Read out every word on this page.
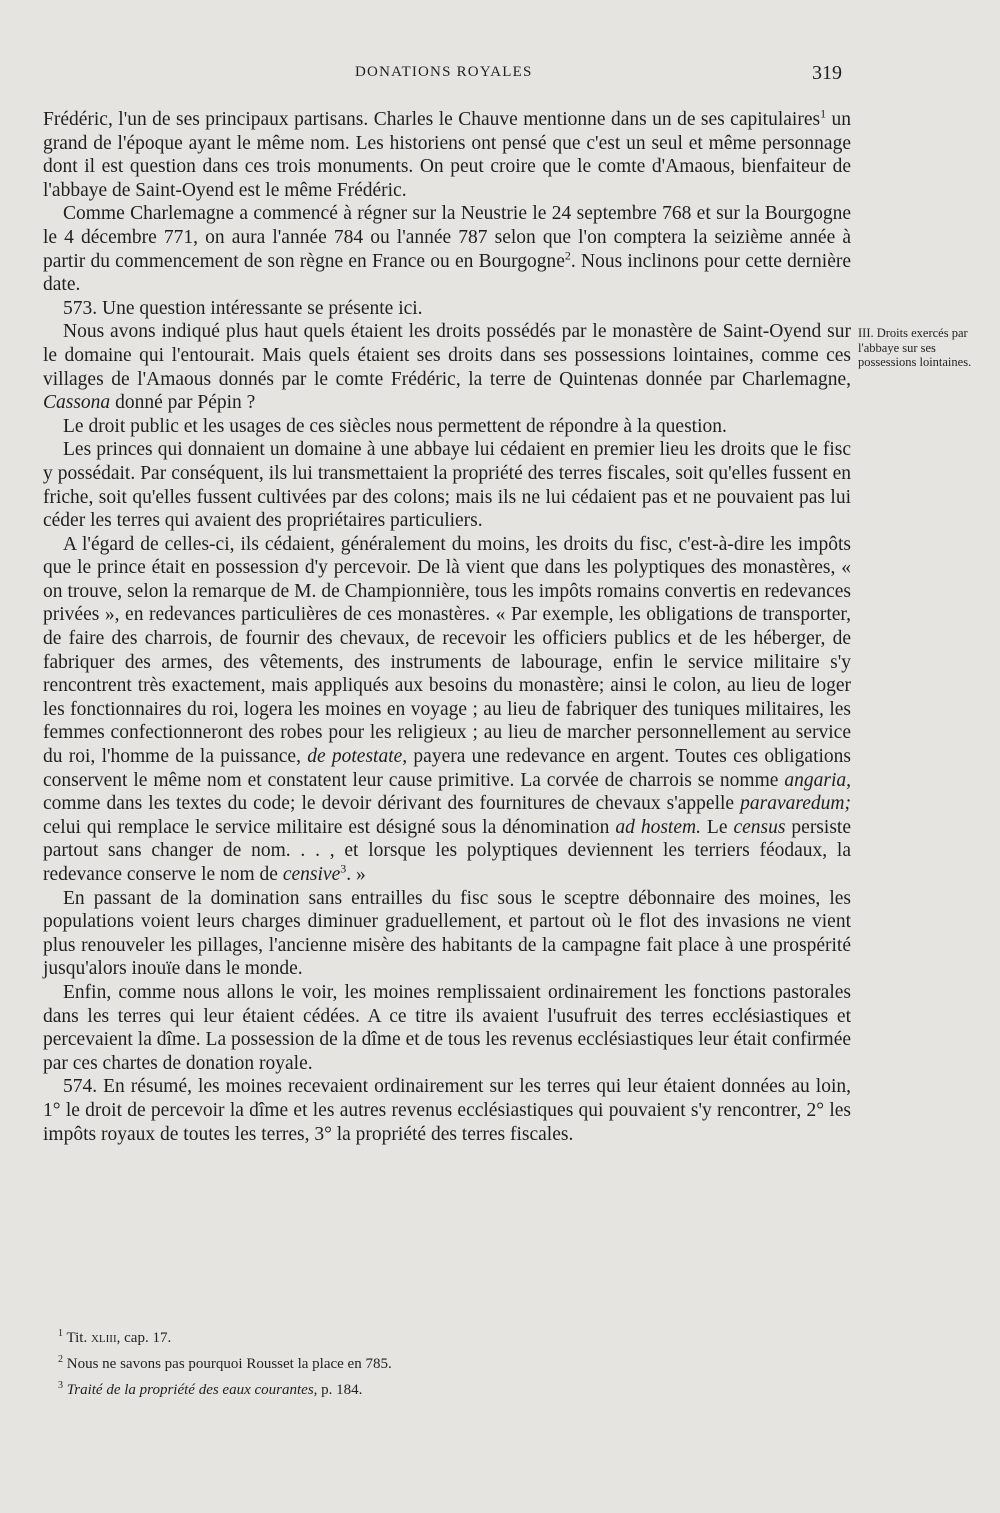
DONATIONS ROYALES	319

Frédéric, l'un de ses principaux partisans. Charles le Chauve mentionne dans un de ses capitulaires$^1$ un grand de l'époque ayant le même nom. Les historiens ont pensé que c'est un seul et même personnage dont il est question dans ces trois monuments. On peut croire que le comte d'Amaous, bienfaiteur de l'abbaye de Saint-Oyend est le même Frédéric.

Comme Charlemagne a commencé à régner sur la Neustrie le 24 septembre 768 et sur la Bourgogne le 4 décembre 771, on aura l'année 784 ou l'année 787 selon que l'on comptera la seizième année à partir du commencement de son règne en France ou en Bourgogne$^2$. Nous inclinons pour cette dernière date.

573. Une question intéressante se présente ici.

Nous avons indiqué plus haut quels étaient les droits possédés par le monastère de Saint-Oyend sur le domaine qui l'entourait. Mais quels étaient ses droits dans ses possessions lointaines, comme ces villages de l'Amaous donnés par le comte Frédéric, la terre de Quintenas donnée par Charlemagne, Cassona donné par Pépin ?

Le droit public et les usages de ces siècles nous permettent de répondre à la question.

Les princes qui donnaient un domaine à une abbaye lui cédaient en premier lieu les droits que le fisc y possédait. Par conséquent, ils lui transmettaient la propriété des terres fiscales, soit qu'elles fussent en friche, soit qu'elles fussent cultivées par des colons; mais ils ne lui cédaient pas et ne pouvaient pas lui céder les terres qui avaient des propriétaires particuliers.

A l'égard de celles-ci, ils cédaient, généralement du moins, les droits du fisc, c'est-à-dire les impôts que le prince était en possession d'y percevoir. De là vient que dans les polyptiques des monastères, « on trouve, selon la remarque de M. de Championnière, tous les impôts romains convertis en redevances privées », en redevances particulières de ces monastères. « Par exemple, les obligations de transporter, de faire des charrois, de fournir des chevaux, de recevoir les officiers publics et de les héberger, de fabriquer des armes, des vêtements, des instruments de labourage, enfin le service militaire s'y rencontrent très exactement, mais appliqués aux besoins du monastère; ainsi le colon, au lieu de loger les fonctionnaires du roi, logera les moines en voyage ; au lieu de fabriquer des tuniques militaires, les femmes confectionneront des robes pour les religieux ; au lieu de marcher personnellement au service du roi, l'homme de la puissance, de potestate, payera une redevance en argent. Toutes ces obligations conservent le même nom et constatent leur cause primitive. La corvée de charrois se nomme angaria, comme dans les textes du code; le devoir dérivant des fournitures de chevaux s'appelle paravaredum; celui qui remplace le service militaire est désigné sous la dénomination ad hostem. Le census persiste partout sans changer de nom. . . , et lorsque les polyptiques deviennent les terriers féodaux, la redevance conserve le nom de censive$^3$. »

En passant de la domination sans entrailles du fisc sous le sceptre débonnaire des moines, les populations voient leurs charges diminuer graduellement, et partout où le flot des invasions ne vient plus renouveler les pillages, l'ancienne misère des habitants de la campagne fait place à une prospérité jusqu'alors inouïe dans le monde.

Enfin, comme nous allons le voir, les moines remplissaient ordinairement les fonctions pastorales dans les terres qui leur étaient cédées. A ce titre ils avaient l'usufruit des terres ecclésiastiques et percevaient la dîme. La possession de la dîme et de tous les revenus ecclésiastiques leur était confirmée par ces chartes de donation royale.

574. En résumé, les moines recevaient ordinairement sur les terres qui leur étaient données au loin, 1° le droit de percevoir la dîme et les autres revenus ecclésiastiques qui pouvaient s'y rencontrer, 2° les impôts royaux de toutes les terres, 3° la propriété des terres fiscales.

III. Droits exercés par l'abbaye sur ses possessions lointaines.
$^1$ Tit. xliii, cap. 17.
$^2$ Nous ne savons pas pourquoi Rousset la place en 785.
$^3$ Traité de la propriété des eaux courantes, p. 184.
